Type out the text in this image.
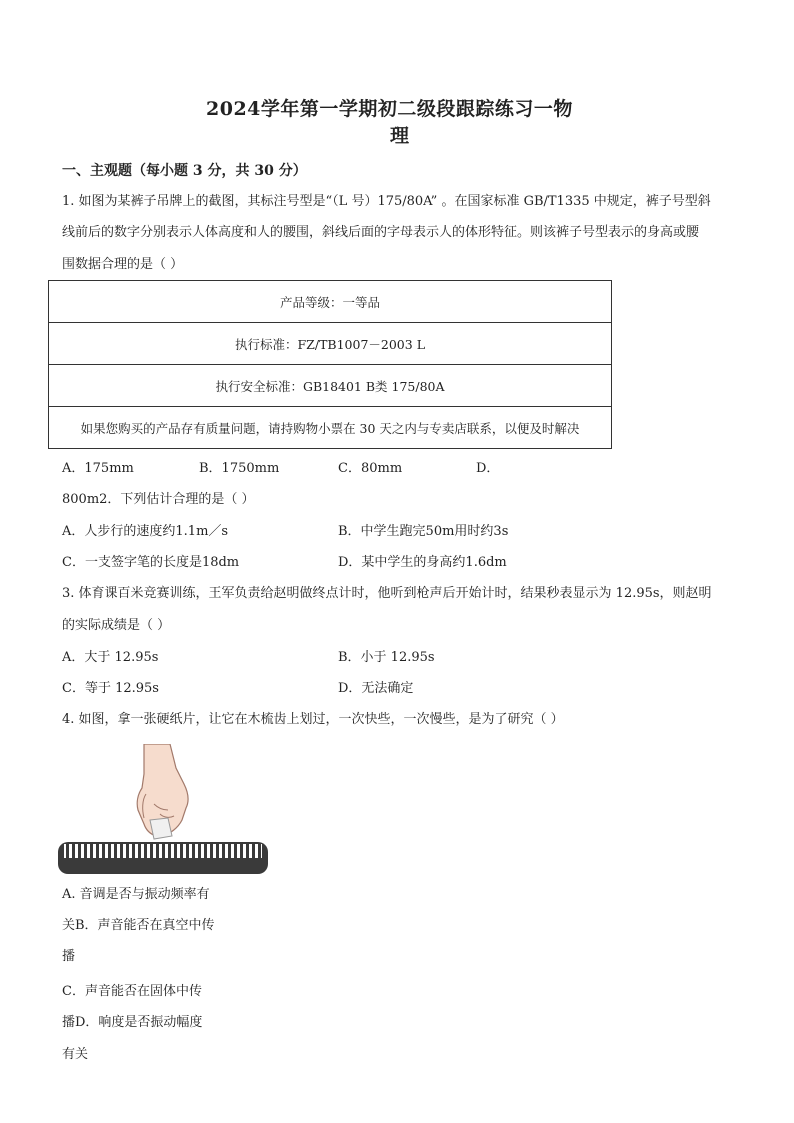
2024学年第一学期初二级段跟踪练习一物
理
一、主观题（每小题 3 分，共 30 分）
1. 如图为某裤子吊牌上的截图，其标注号型是“（L 号）175/80A” 。在国家标准 GB/T1335 中规定，裤子号型斜
线前后的数字分别表示人体高度和人的腰围，斜线后面的字母表示人的体形特征。则该裤子号型表示的身高或腰
围数据合理的是（ ）
产品等级：一等品
执行标准：FZ/TB1007－2003 L
执行安全标准：GB18401 B类 175/80A
如果您购买的产品存有质量问题，请持购物小票在 30 天之内与专卖店联系，以便及时解决
A．175mm	B．1750mm	C．80mm	D．
800m2．下列估计合理的是（ ）
A．人步行的速度约1.1m／s	B．中学生跑完50m用时约3s
C．一支签字笔的长度是18dm	D．某中学生的身高约1.6dm
3. 体育课百米竞赛训练，王军负责给赵明做终点计时，他听到枪声后开始计时，结果秒表显示为 12.95s，则赵明
的实际成绩是（ ）
A．大于 12.95s	B．小于 12.95s
C．等于 12.95s	D．无法确定
4. 如图，拿一张硬纸片，让它在木梳齿上划过，一次快些，一次慢些，是为了研究（ ）
A. 音调是否与振动频率有
关B．声音能否在真空中传
播
C．声音能否在固体中传
播D．响度是否振动幅度
有关
